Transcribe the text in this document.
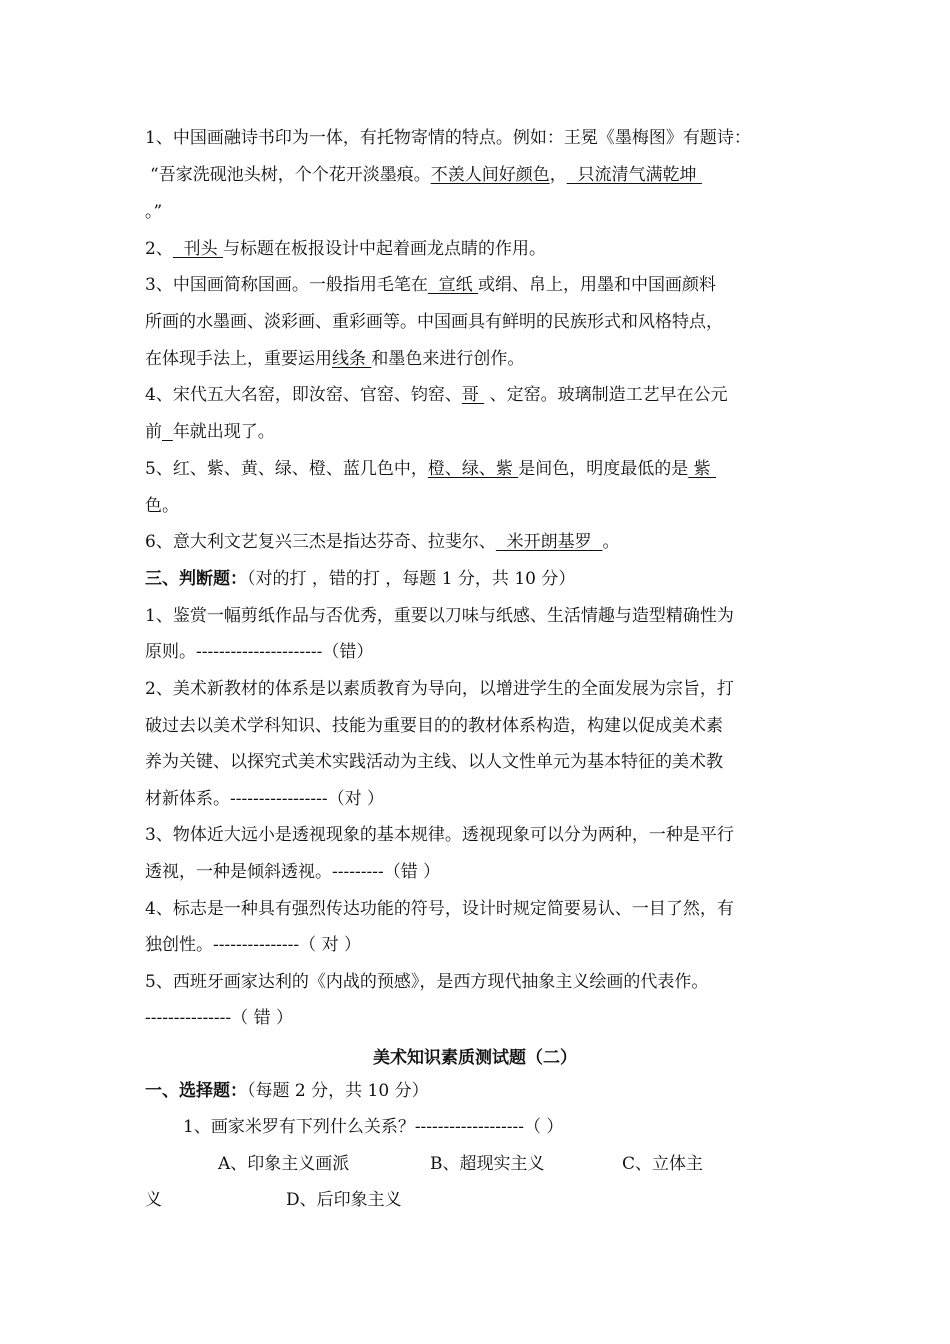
1、中国画融诗书印为一体，有托物寄情的特点。例如：王冕《墨梅图》有题诗：
“吾家洗砚池头树，个个花开淡墨痕。不羡人间好颜色，  只流清气满乾坤
。”
2、  刊头 与标题在板报设计中起着画龙点睛的作用。
3、中国画简称国画。一般指用毛笔在  宣纸 或绢、帛上，用墨和中国画颜料
所画的水墨画、淡彩画、重彩画等。中国画具有鲜明的民族形式和风格特点，
在体现手法上，重要运用线条 和墨色来进行创作。
4、宋代五大名窑，即汝窑、官窑、钧窑、哥  、定窑。玻璃制造工艺早在公元
前 年就出现了。
5、红、紫、黄、绿、橙、蓝几色中，橙、绿、紫 是间色，明度最低的是 紫
色。
6、意大利文艺复兴三杰是指达芬奇、拉斐尔、  米开朗基罗  。
三、判断题：（对的打 ，错的打 ，每题 1 分，共 10 分）
1、鉴赏一幅剪纸作品与否优秀，重要以刀味与纸感、生活情趣与造型精确性为
原则。----------------------（错）
2、美术新教材的体系是以素质教育为导向，以增进学生的全面发展为宗旨，打
破过去以美术学科知识、技能为重要目的的教材体系构造，构建以促成美术素
养为关键、以探究式美术实践活动为主线、以人文性单元为基本特征的美术教
材新体系。-----------------（对 ）
3、物体近大远小是透视现象的基本规律。透视现象可以分为两种，一种是平行
透视，一种是倾斜透视。---------（错 ）
4、标志是一种具有强烈传达功能的符号，设计时规定简要易认、一目了然，有
独创性。---------------（ 对 ）
5、西班牙画家达利的《内战的预感》，是西方现代抽象主义绘画的代表作。
---------------（ 错 ）
美术知识素质测试题（二）
一、选择题：（每题 2 分，共 10 分）
1、画家米罗有下列什么关系？-------------------（ ）
A、印象主义画派	B、超现实主义	C、立体主
义	D、后印象主义
